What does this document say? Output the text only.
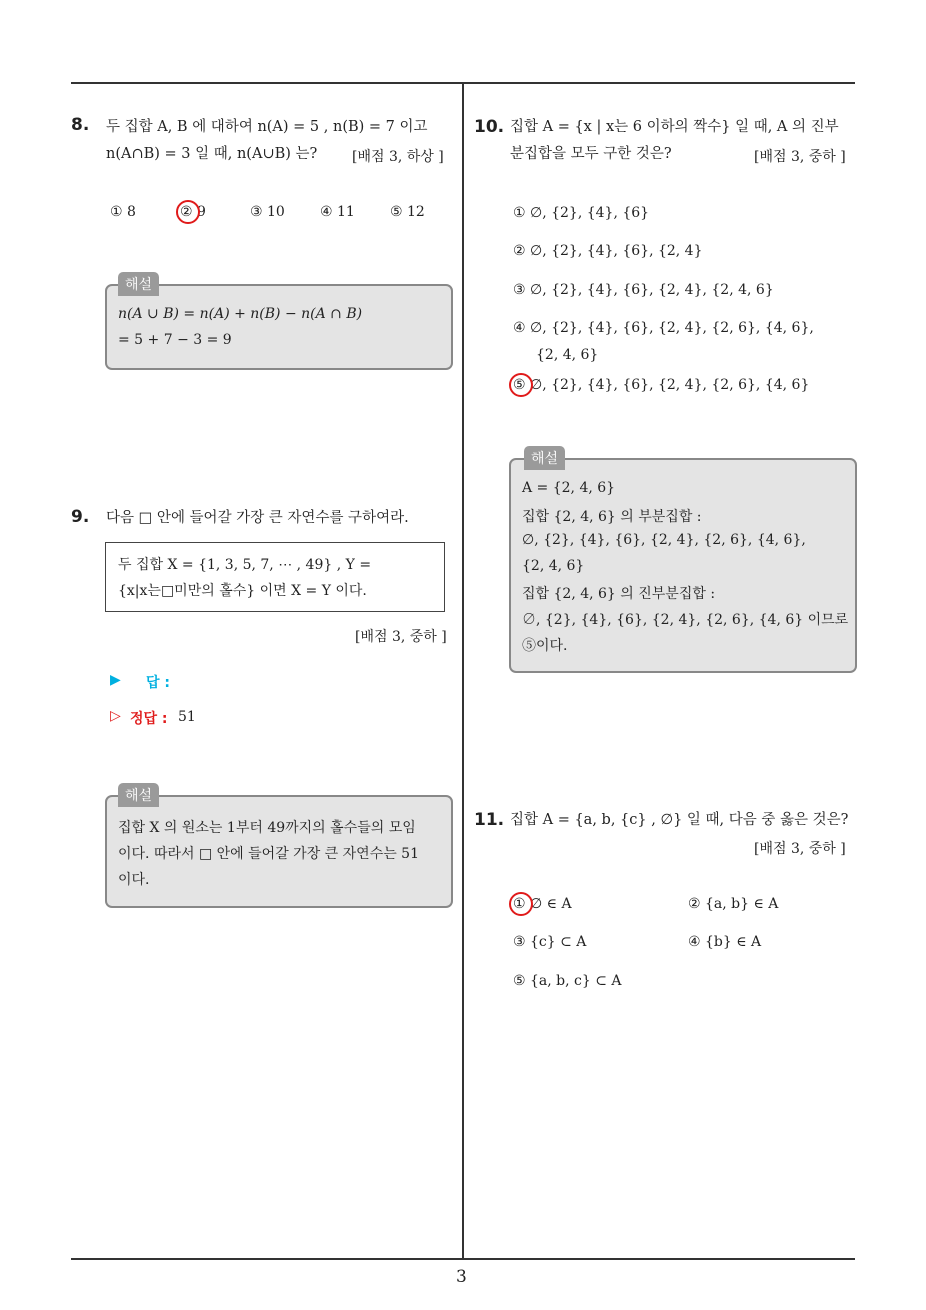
3
8. 두 집합 A, B 에 대하여 n(A) = 5 , n(B) = 7 이고
n(A∩B) = 3 일 때, n(A∪B) 는? [배점 3, 하상 ]
① 8	② 9	③ 10	④ 11	⑤ 12
해설
n(A ∪ B) = n(A) + n(B) − n(A ∩ B)
= 5 + 7 − 3 = 9
9. 다음 □ 안에 들어갈 가장 큰 자연수를 구하여라.
두 집합 X = {1, 3, 5, 7, ⋯ , 49} , Y =
{x|x는□미만의 홀수} 이면 X = Y 이다.
[배점 3, 중하 ]
▶ 답 :
▷ 정답 : 51
해설
집합 X 의 원소는 1부터 49까지의 홀수들의 모임
이다. 따라서 □ 안에 들어갈 가장 큰 자연수는 51
이다.
10. 집합 A = {x | x는 6 이하의 짝수} 일 때, A 의 진부
분집합을 모두 구한 것은?	[배점 3, 중하 ]
① ∅, {2}, {4}, {6}
② ∅, {2}, {4}, {6}, {2, 4}
③ ∅, {2}, {4}, {6}, {2, 4}, {2, 4, 6}
④ ∅, {2}, {4}, {6}, {2, 4}, {2, 6}, {4, 6},
{2, 4, 6}
⑤ ∅, {2}, {4}, {6}, {2, 4}, {2, 6}, {4, 6}
해설
A = {2, 4, 6}
집합 {2, 4, 6} 의 부분집합 :
∅, {2}, {4}, {6}, {2, 4}, {2, 6}, {4, 6},
{2, 4, 6}
집합 {2, 4, 6} 의 진부분집합 :
∅, {2}, {4}, {6}, {2, 4}, {2, 6}, {4, 6} 이므로
⑤이다.
11. 집합 A = {a, b, {c} , ∅} 일 때, 다음 중 옳은 것은?
[배점 3, 중하 ]
① ∅ ∈ A	② {a, b} ∈ A
③ {c} ⊂ A	④ {b} ∈ A
⑤ {a, b, c} ⊂ A
